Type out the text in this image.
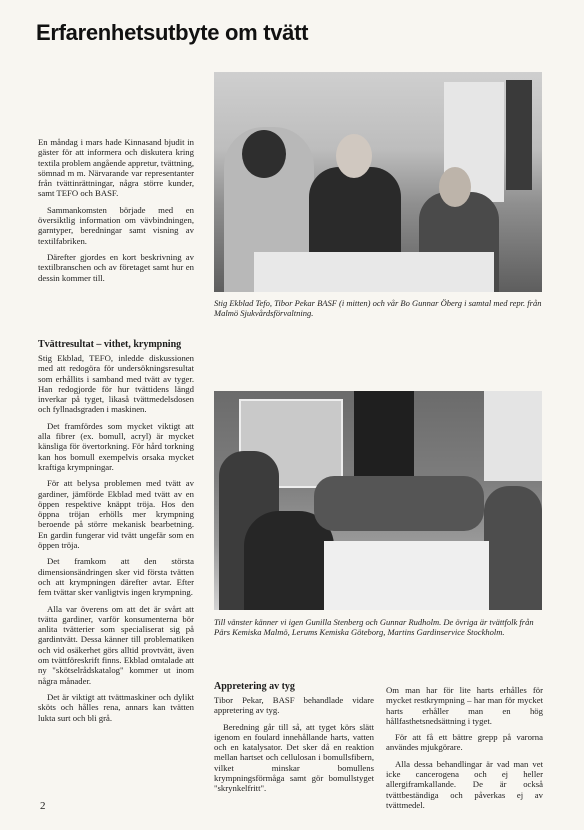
Erfarenhetsutbyte om tvätt

En måndag i mars hade Kinnasand bjudit in gäster för att informera och diskutera kring textila problem angående appretur, tvättning, sömnad m m. Närvarande var representanter från tvättinrättningar, några större kunder, samt TEFO och BASF.

Sammankomsten började med en översiktlig information om vävbindningen, garntyper, beredningar samt visning av textilfabriken.

Därefter gjordes en kort beskrivning av textilbranschen och av företaget samt hur en dessin kommer till.

Tvättresultat – vithet, krympning

Stig Ekblad, TEFO, inledde diskussionen med att redogöra för undersökningsresultat som erhållits i samband med tvätt av tyger. Han redogjorde för hur tvättidens längd inverkar på tyget, likaså tvättmedelsdosen och fyllnadsgraden i maskinen.

Det framfördes som mycket viktigt att alla fibrer (ex. bomull, acryl) är mycket känsliga för övertorkning. För hård torkning kan hos bomull exempelvis orsaka mycket kraftiga krympningar.

För att belysa problemen med tvätt av gardiner, jämförde Ekblad med tvätt av en öppen respektive knäppt tröja. Hos den öppna tröjan erhölls mer krympning beroende på större mekanisk bearbetning. En gardin fungerar vid tvätt ungefär som en öppen tröja.

Det framkom att den största dimensionsändringen sker vid första tvätten och att krympningen därefter avtar. Efter fem tvättar sker vanligtvis ingen krympning.

Alla var överens om att det är svårt att tvätta gardiner, varför konsumenterna bör anlita tvätterier som specialiserat sig på gardintvätt. Dessa känner till problematiken och vid osäkerhet görs alltid provtvätt, även om tvättföreskrift finns. Ekblad omtalade att ny "skötselrådskatalog" kommer ut inom några månader.

Det är viktigt att tvättmaskiner och dylikt sköts och hålles rena, annars kan tvätten lukta surt och bli grå.

Stig Ekblad Tefo, Tibor Pekar BASF (i mitten) och vår Bo Gunnar Öberg i samtal med repr. från Malmö Sjukvårdsförvaltning.
Till vänster känner vi igen Gunilla Stenberg och Gunnar Rudholm. De övriga är tvättfolk från Pärs Kemiska Malmö, Lerums Kemiska Göteborg, Martins Gardinservice Stockholm.
Appretering av tyg

Tibor Pekar, BASF behandlade vidare appretering av tyg.

Beredning går till så, att tyget körs slätt igenom en foulard innehållande harts, vatten och en katalysator. Det sker då en reaktion mellan hartset och cellulosan i bomullsfibern, vilket minskar bomullens krympningsförmåga samt gör bomullstyget "skrynkelfritt".

Om man har för lite harts erhålles för mycket restkrympning – har man för mycket harts erhåller man en hög hållfasthetsnedsättning i tyget.

För att få ett bättre grepp på varorna användes mjukgörare.

Alla dessa behandlingar är vad man vet icke cancerogena och ej heller allergiframkallande. De är också tvättbeständiga och påverkas ej av tvättmedel.

2
